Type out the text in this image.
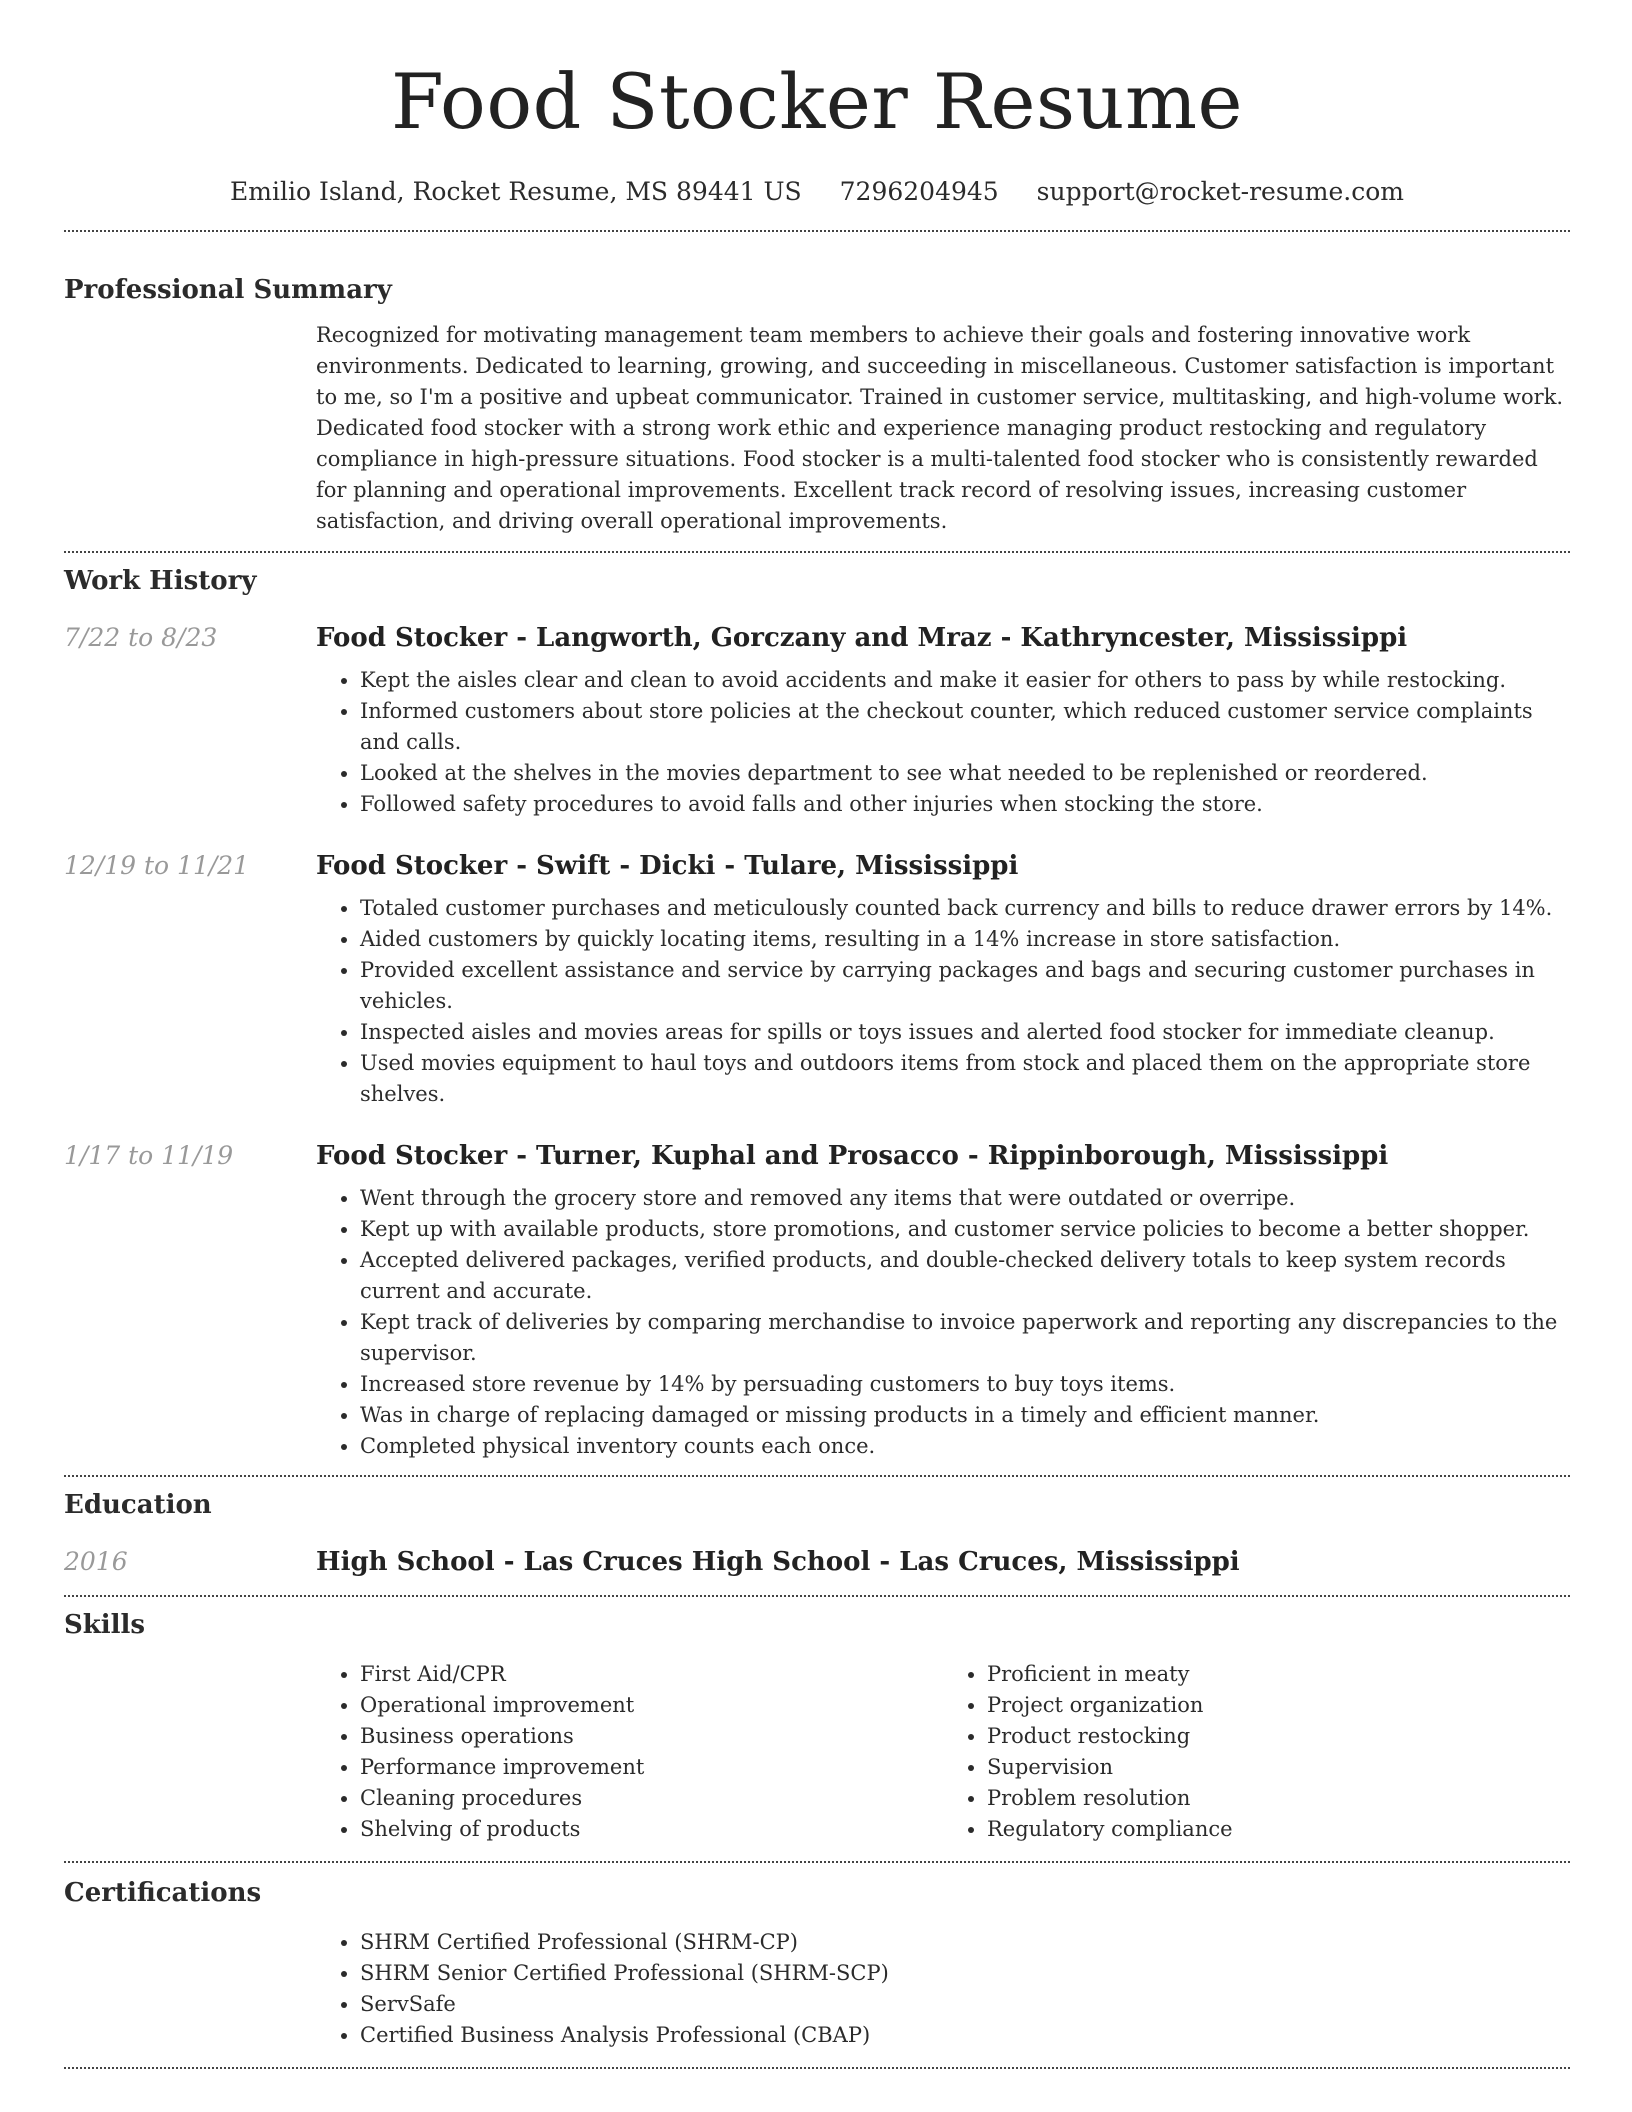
Food Stocker Resume
Emilio Island, Rocket Resume, MS 89441 US 7296204945 support@rocket-resume.com
Professional Summary

Recognized for motivating management team members to achieve their goals and fostering innovative work environments. Dedicated to learning, growing, and succeeding in miscellaneous. Customer satisfaction is important to me, so I'm a positive and upbeat communicator. Trained in customer service, multitasking, and high-volume work. Dedicated food stocker with a strong work ethic and experience managing product restocking and regulatory compliance in high-pressure situations. Food stocker is a multi-talented food stocker who is consistently rewarded for planning and operational improvements. Excellent track record of resolving issues, increasing customer satisfaction, and driving overall operational improvements.

Work History
7/22 to 8/23	Food Stocker - Langworth, Gorczany and Mraz - Kathryncester, Mississippi
• Kept the aisles clear and clean to avoid accidents and make it easier for others to pass by while restocking.
• Informed customers about store policies at the checkout counter, which reduced customer service complaints and calls.
• Looked at the shelves in the movies department to see what needed to be replenished or reordered.
• Followed safety procedures to avoid falls and other injuries when stocking the store.
12/19 to 11/21	Food Stocker - Swift - Dicki - Tulare, Mississippi
• Totaled customer purchases and meticulously counted back currency and bills to reduce drawer errors by 14%.
• Aided customers by quickly locating items, resulting in a 14% increase in store satisfaction.
• Provided excellent assistance and service by carrying packages and bags and securing customer purchases in vehicles.
• Inspected aisles and movies areas for spills or toys issues and alerted food stocker for immediate cleanup.
• Used movies equipment to haul toys and outdoors items from stock and placed them on the appropriate store shelves.
1/17 to 11/19	Food Stocker - Turner, Kuphal and Prosacco - Rippinborough, Mississippi
• Went through the grocery store and removed any items that were outdated or overripe.
• Kept up with available products, store promotions, and customer service policies to become a better shopper.
• Accepted delivered packages, verified products, and double-checked delivery totals to keep system records current and accurate.
• Kept track of deliveries by comparing merchandise to invoice paperwork and reporting any discrepancies to the supervisor.
• Increased store revenue by 14% by persuading customers to buy toys items.
• Was in charge of replacing damaged or missing products in a timely and efficient manner.
• Completed physical inventory counts each once.
Education
2016	High School - Las Cruces High School - Las Cruces, Mississippi
Skills
• First Aid/CPR
• Operational improvement
• Business operations
• Performance improvement
• Cleaning procedures
• Shelving of products
• Proficient in meaty
• Project organization
• Product restocking
• Supervision
• Problem resolution
• Regulatory compliance
Certifications
• SHRM Certified Professional (SHRM-CP)
• SHRM Senior Certified Professional (SHRM-SCP)
• ServSafe
• Certified Business Analysis Professional (CBAP)
